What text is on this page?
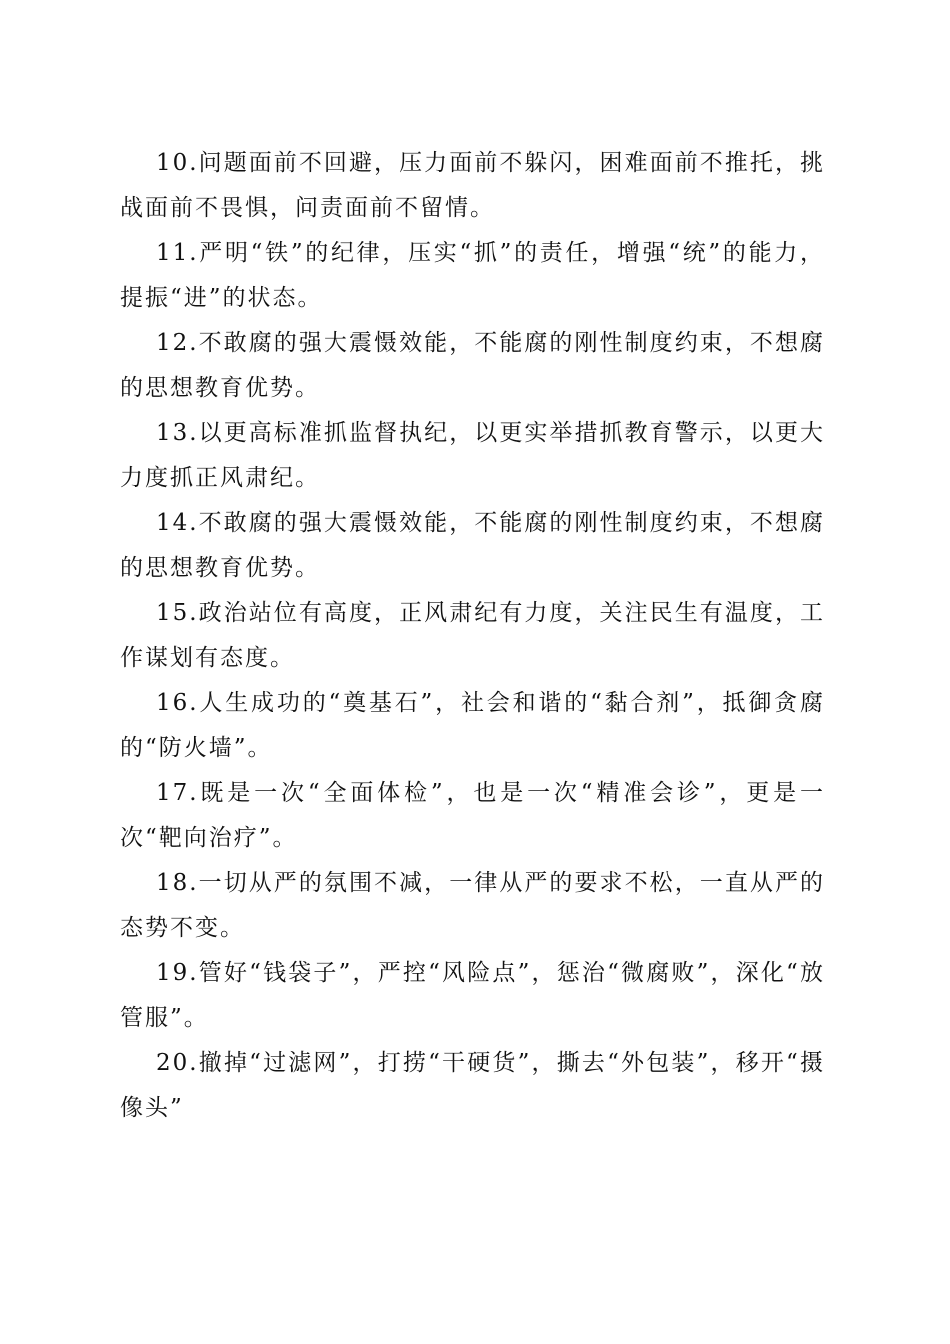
10.问题面前不回避，压力面前不躲闪，困难面前不推托，挑战面前不畏惧，问责面前不留情。

11.严明“铁”的纪律，压实“抓”的责任，增强“统”的能力，提振“进”的状态。

12.不敢腐的强大震慑效能，不能腐的刚性制度约束，不想腐的思想教育优势。

13.以更高标准抓监督执纪，以更实举措抓教育警示，以更大力度抓正风肃纪。

14.不敢腐的强大震慑效能，不能腐的刚性制度约束，不想腐的思想教育优势。

15.政治站位有高度，正风肃纪有力度，关注民生有温度，工作谋划有态度。

16.人生成功的“奠基石”，社会和谐的“黏合剂”，抵御贪腐的“防火墙”。

17.既是一次“全面体检”，也是一次“精准会诊”，更是一次“靶向治疗”。

18.一切从严的氛围不减，一律从严的要求不松，一直从严的态势不变。

19.管好“钱袋子”，严控“风险点”，惩治“微腐败”，深化“放管服”。

20.撤掉“过滤网”，打捞“干硬货”，撕去“外包装”，移开“摄像头”
